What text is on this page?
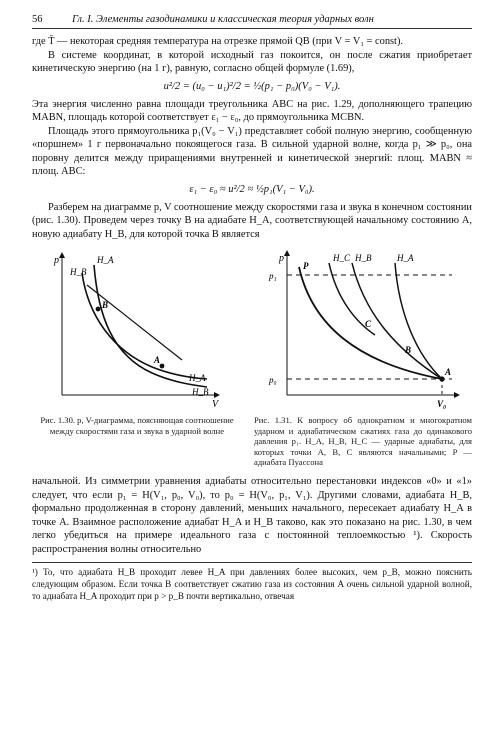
56	Гл. I. Элементы газодинамики и классическая теория ударных волн

где T̄ — некоторая средняя температура на отрезке прямой QB (при V = V₁ = const).

В системе координат, в которой исходный газ покоится, он после сжатия приобретает кинетическую энергию (на 1 г), равную, согласно общей формуле (1.69),

u²/2 = (u₀ − u₁)²/2 = ½(p₁ − p₀)(V₀ − V₁).

Эта энергия численно равна площади треугольника ABC на рис. 1.29, дополняющего трапецию MABN, площадь которой соответствует ε₁ − ε₀, до прямоугольника MCBN.

Площадь этого прямоугольника p₁(V₀ − V₁) представляет собой полную энергию, сообщенную «поршнем» 1 г первоначально покоящегося газа. В сильной ударной волне, когда p₁ ≫ p₀, она поровну делится между приращениями внутренней и кинетической энергий: площ. MABN ≈ площ. ABC:

ε₁ − ε₀ ≈ u²/2 ≈ ½p₁(V₁ − V₀).

Разберем на диаграмме p, V соотношение между скоростями газа и звука в конечном состоянии (рис. 1.30). Проведем через точку B на адиабате H_A, соответствующей начальному состоянию A, новую адиабату H_B, для которой точка B является

p
V
H_A
H_B
B
A
H_A
H_B
Рис. 1.30. p, V-диаграмма, поясняющая соотношение между скоростями газа и звука в ударной волне
p
p₁
p₀
V₀
P
H_C H_B	H_A
C
B
A
Рис. 1.31. К вопросу об однократном и многократном ударном и адиабатическом сжатиях газа до одинакового давления p₁. H_A, H_B, H_C — ударные адиабаты, для которых точки A, B, C являются начальными; P — адиабата Пуассона

начальной. Из симметрии уравнения адиабаты относительно перестановки индексов «0» и «1» следует, что если p₁ = H(V₁, p₀, V₀), то p₀ = H(V₀, p₁, V₁). Другими словами, адиабата H_B, формально продолженная в сторону давлений, меньших начального, пересекает адиабату H_A в точке A. Взаимное расположение адиабат H_A и H_B таково, как это показано на рис. 1.30, в чем легко убедиться на примере идеального газа с постоянной теплоемкостью ¹). Скорость распространения волны относительно

¹) То, что адиабата H_B проходит левее H_A при давлениях более высоких, чем p_B, можно пояснить следующим образом. Если точка B соответствует сжатию газа из состояния A очень сильной ударной волной, то адиабата H_A проходит при p > p_B почти вертикально, отвечая
